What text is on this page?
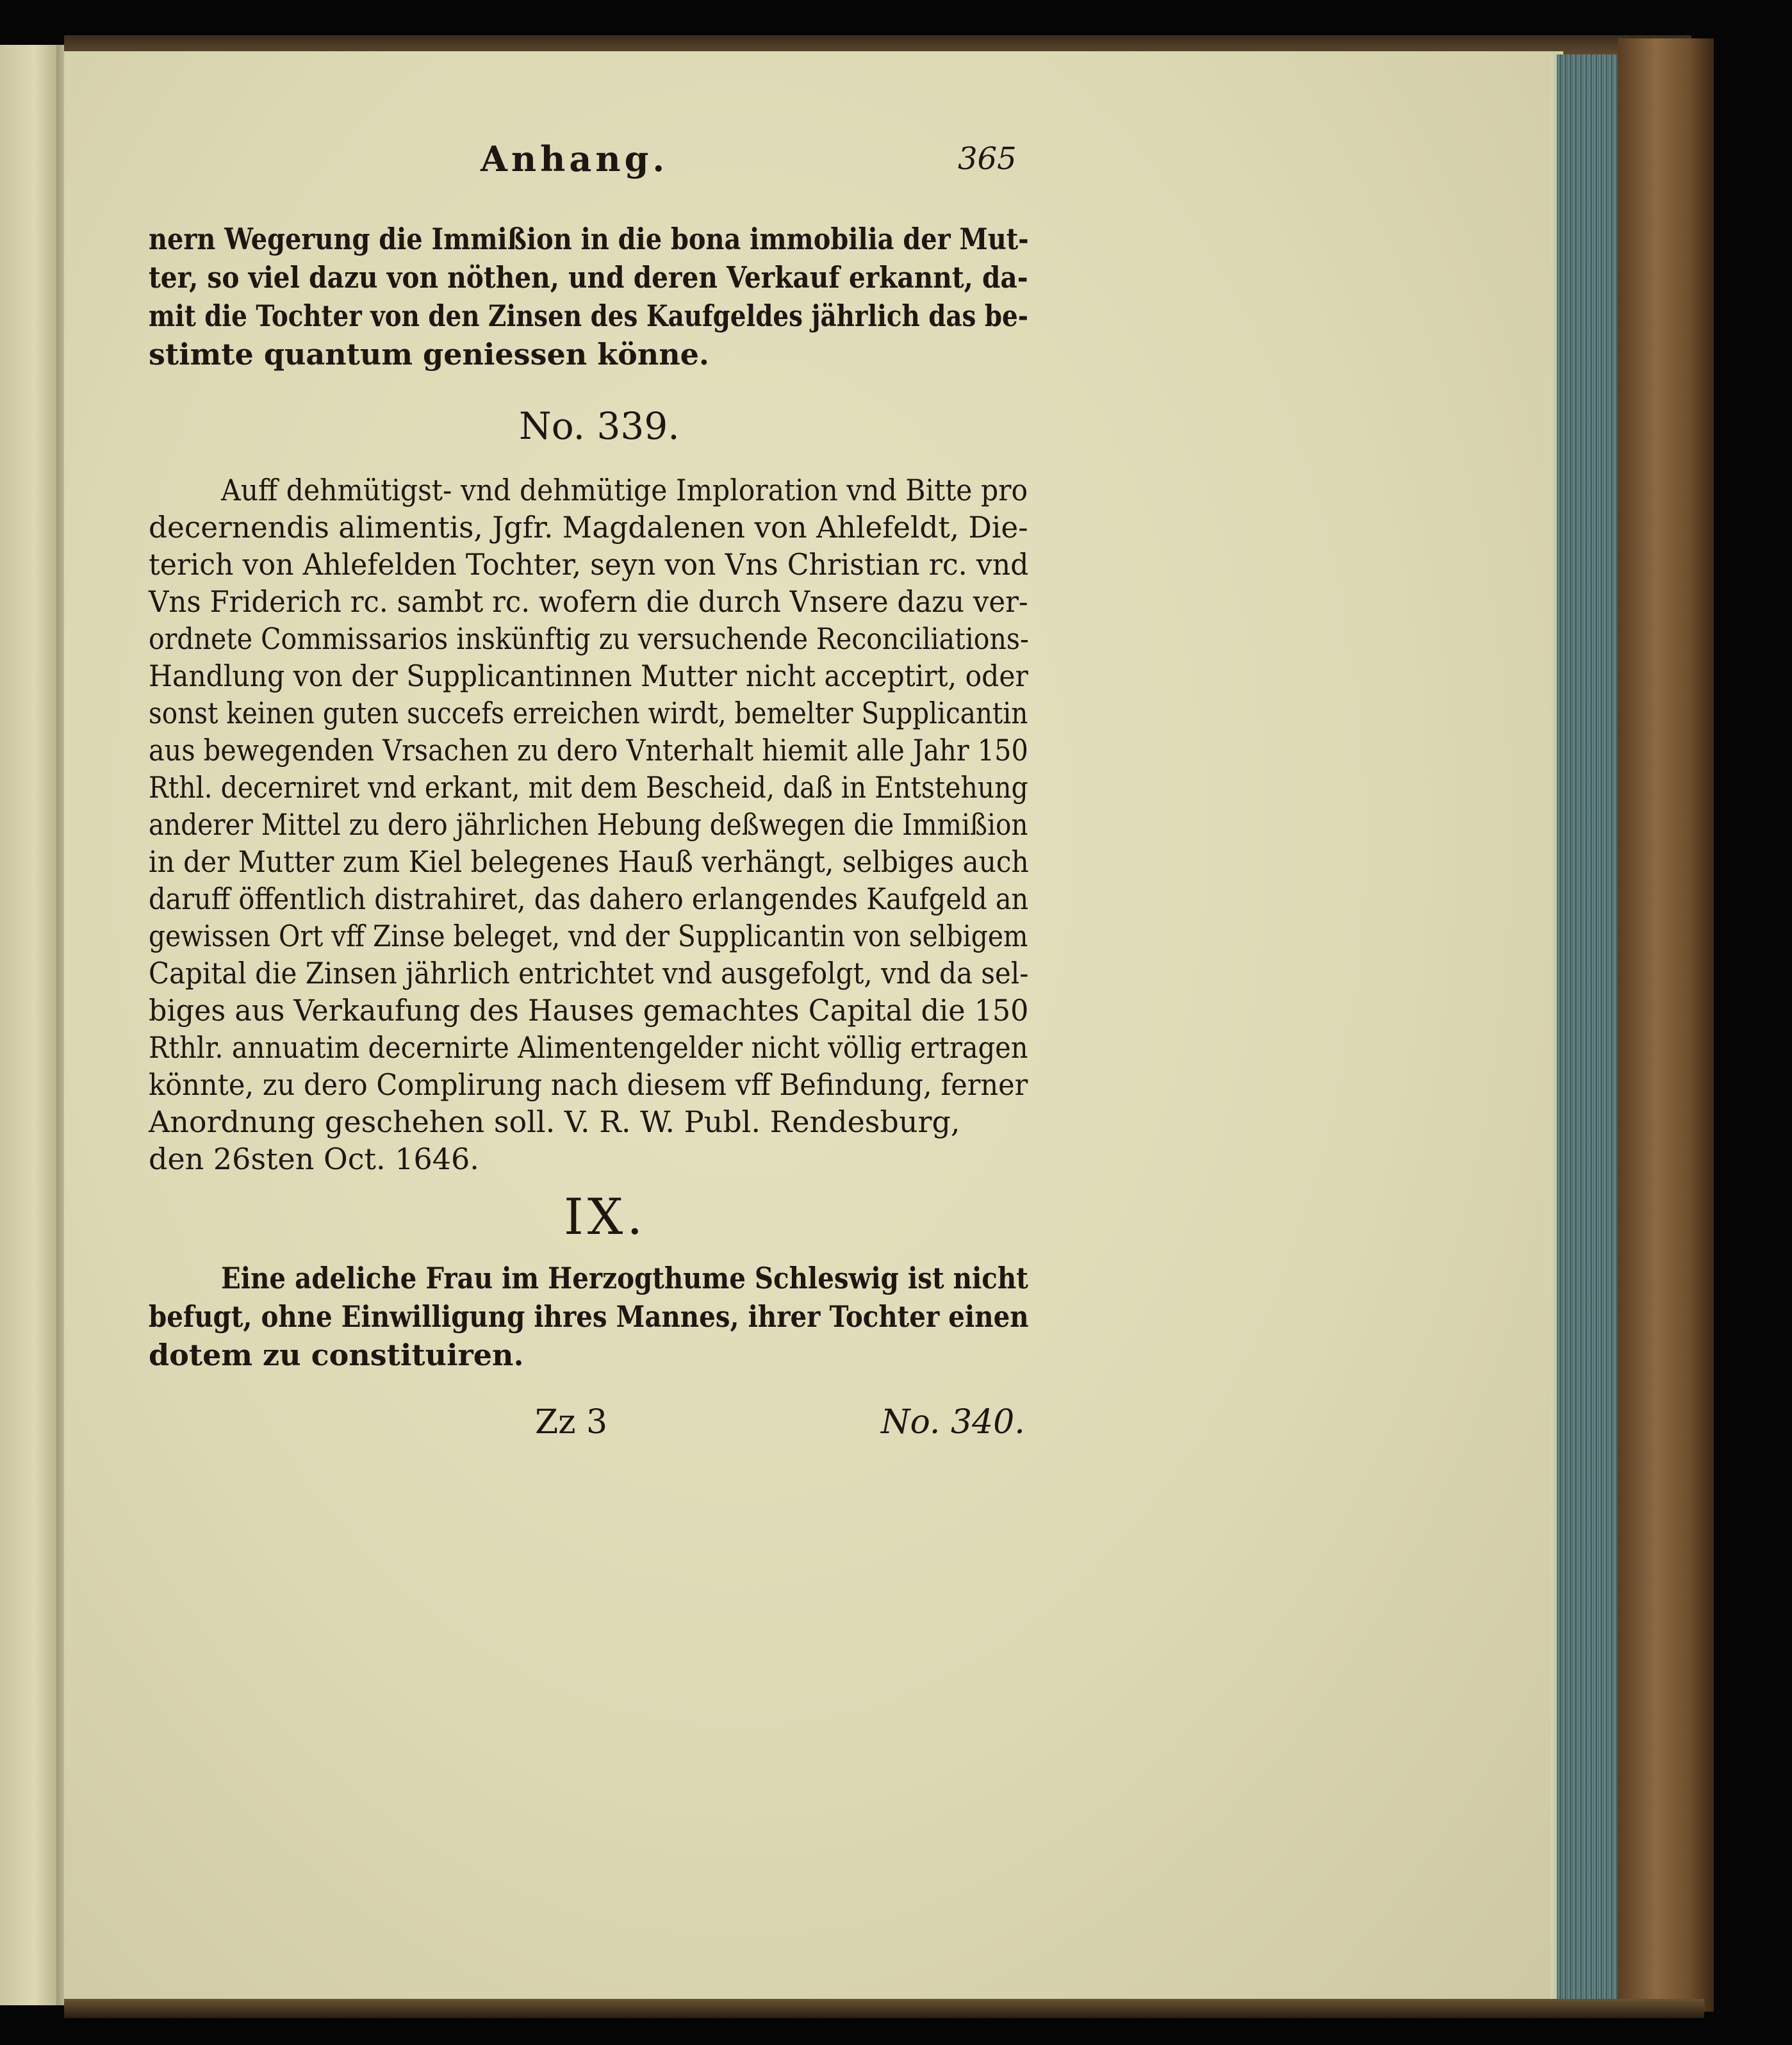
Anhang.	365
nern Wegerung die Immißion in die bona immobilia der Mut-
ter, so viel dazu von nöthen, und deren Verkauf erkannt, da-
mit die Tochter von den Zinsen des Kaufgeldes jährlich das be-
stimte quantum geniessen könne.
No. 339.
Auff dehmütigst- vnd dehmütige Imploration vnd Bitte pro
decernendis alimentis, Jgfr. Magdalenen von Ahlefeldt, Die-
terich von Ahlefelden Tochter, seyn von Vns Christian rc. vnd
Vns Friderich rc. sambt rc. wofern die durch Vnsere dazu ver-
ordnete Commissarios inskünftig zu versuchende Reconciliations-
Handlung von der Supplicantinnen Mutter nicht acceptirt, oder
sonst keinen guten succefs erreichen wirdt, bemelter Supplicantin
aus bewegenden Vrsachen zu dero Vnterhalt hiemit alle Jahr 150
Rthl. decerniret vnd erkant, mit dem Bescheid, daß in Entstehung
anderer Mittel zu dero jährlichen Hebung deßwegen die Immißion
in der Mutter zum Kiel belegenes Hauß verhängt, selbiges auch
daruff öffentlich distrahiret, das dahero erlangendes Kaufgeld an
gewissen Ort vff Zinse beleget, vnd der Supplicantin von selbigem
Capital die Zinsen jährlich entrichtet vnd ausgefolgt, vnd da sel-
biges aus Verkaufung des Hauses gemachtes Capital die 150
Rthlr. annuatim decernirte Alimentengelder nicht völlig ertragen
könnte, zu dero Complirung nach diesem vff Befindung, ferner
Anordnung geschehen soll. V. R. W. Publ. Rendesburg,
den 26sten Oct. 1646.
IX.
Eine adeliche Frau im Herzogthume Schleswig ist nicht
befugt, ohne Einwilligung ihres Mannes, ihrer Tochter einen
dotem zu constituiren.
Zz 3	No. 340.
